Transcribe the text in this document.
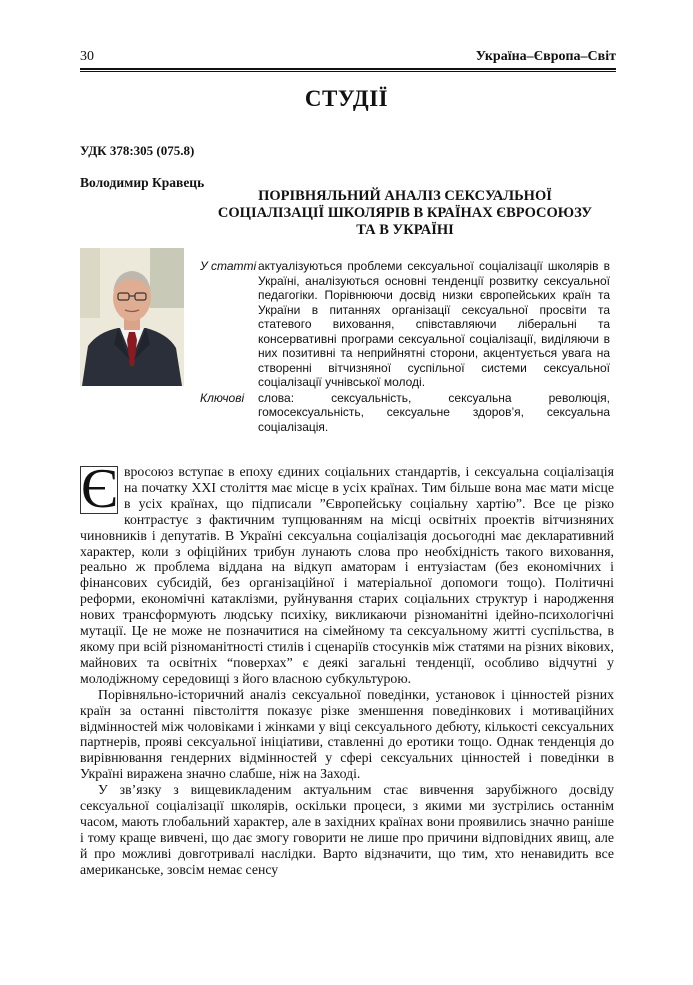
30	Україна–Європа–Світ
СТУДІЇ
УДК 378:305 (075.8)
Володимир Кравець
ПОРІВНЯЛЬНИЙ АНАЛІЗ СЕКСУАЛЬНОЇ
СОЦІАЛІЗАЦІЇ ШКОЛЯРІВ В КРАЇНАХ ЄВРОСОЮЗУ
ТА В УКРАЇНІ
У статті актуалізуються проблеми сексуальної соціалізації школярів в Україні, аналізуються основні тенденції розвитку сексуальної педагогіки. Порівнюючи досвід низки європейських країн та України в питаннях організації сексуальної просвіти та статевого виховання, співставляючи ліберальні та консервативні програми сексуальної соціалізації, виділяючи в них позитивні та неприйнятні сторони, акцентується увага на створенні вітчизняної суспільної системи сексуальної соціалізації учнівської молоді.
Ключові	слова: сексуальність, сексуальна революція, гомосексуальність, сексуальне здоров’я, сексуальна соціалізація.

Є вросоюз вступає в епоху єдиних соціальних стандартів, і сексуальна соціалізація на початку XXI століття має місце в усіх країнах. Тим більше вона має мати місце в усіх країнах, що підписали ”Європейську соціальну хартію”. Все це різко контрастує з фактичним тупцюванням на місці освітніх проектів вітчизняних чиновників і депутатів. В Україні сексуальна соціалізація досьогодні має декларативний характер, коли з офіційних трибун лунають слова про необхідність такого виховання, реально ж проблема віддана на відкуп аматорам і ентузіастам (без економічних і фінансових субсидій, без організаційної і матеріальної допомоги тощо). Політичні реформи, економічні катаклізми, руйнування старих соціальних структур і народження нових трансформують людську психіку, викликаючи різноманітні ідейно-психологічні мутації. Це не може не позначитися на сімейному та сексуальному житті суспільства, в якому при всій різноманітності стилів і сценаріїв стосунків між статями на різних вікових, майнових та освітніх “поверхах” є деякі загальні тенденції, особливо відчутні у молодіжному середовищі з його власною субкультурою.

Порівняльно-історичний аналіз сексуальної поведінки, установок і цінностей різних країн за останні півстоліття показує різке зменшення поведінкових і мотиваційних відмінностей між чоловіками і жінками у віці сексуального дебюту, кількості сексуальних партнерів, прояві сексуальної ініціативи, ставленні до еротики тощо. Однак тенденція до вирівнювання гендерних відмінностей у сфері сексуальних цінностей і поведінки в Україні виражена значно слабше, ніж на Заході.

У зв’язку з вищевикладеним актуальним стає вивчення зарубіжного досвіду сексуальної соціалізації школярів, оскільки процеси, з якими ми зустрілись останнім часом, мають глобальний характер, але в західних країнах вони проявились значно раніше і тому краще вивчені, що дає змогу говорити не лише про причини відповідних явищ, але й про можливі довготривалі наслідки. Варто відзначити, що тим, хто ненавидить все американське, зовсім немає сенсу
